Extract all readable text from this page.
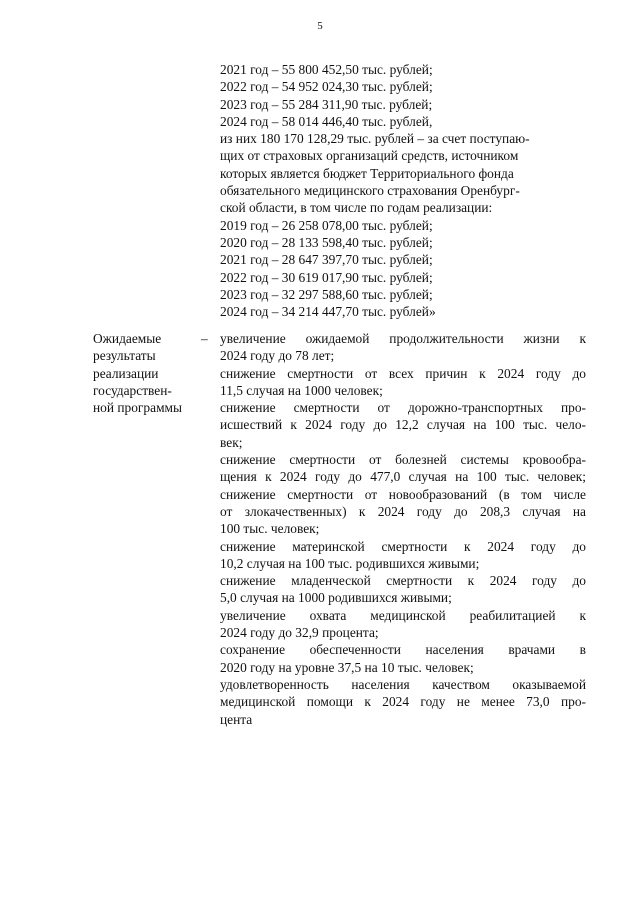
5
2021 год – 55 800 452,50 тыс. рублей;
2022 год – 54 952 024,30 тыс. рублей;
2023 год – 55 284 311,90 тыс. рублей;
2024 год – 58 014 446,40 тыс. рублей,
из них 180 170 128,29 тыс. рублей – за счет поступаю-
щих от страховых организаций средств, источником
которых является бюджет Территориального фонда
обязательного медицинского страхования Оренбург-
ской области, в том числе по годам реализации:
2019 год – 26 258 078,00 тыс. рублей;
2020 год – 28 133 598,40 тыс. рублей;
2021 год – 28 647 397,70 тыс. рублей;
2022 год – 30 619 017,90 тыс. рублей;
2023 год – 32 297 588,60 тыс. рублей;
2024 год – 34 214 447,70 тыс. рублей»
Ожидаемые
результаты
реализации
государствен-
ной программы
– увеличение ожидаемой продолжительности жизни к
2024 году до 78 лет;
снижение смертности от всех причин к 2024 году до
11,5 случая на 1000 человек;
снижение смертности от дорожно-транспортных про-
исшествий к 2024 году до 12,2 случая на 100 тыс. чело-
век;
снижение смертности от болезней системы кровообра-
щения к 2024 году до 477,0 случая на 100 тыс. человек;
снижение смертности от новообразований (в том числе
от злокачественных) к 2024 году до 208,3 случая на
100 тыс. человек;
снижение материнской смертности к 2024 году до
10,2 случая на 100 тыс. родившихся живыми;
снижение младенческой смертности к 2024 году до
5,0 случая на 1000 родившихся живыми;
увеличение охвата медицинской реабилитацией к
2024 году до 32,9 процента;
сохранение обеспеченности населения врачами в
2020 году на уровне 37,5 на 10 тыс. человек;
удовлетворенность населения качеством оказываемой
медицинской помощи к 2024 году не менее 73,0 про-
цента
